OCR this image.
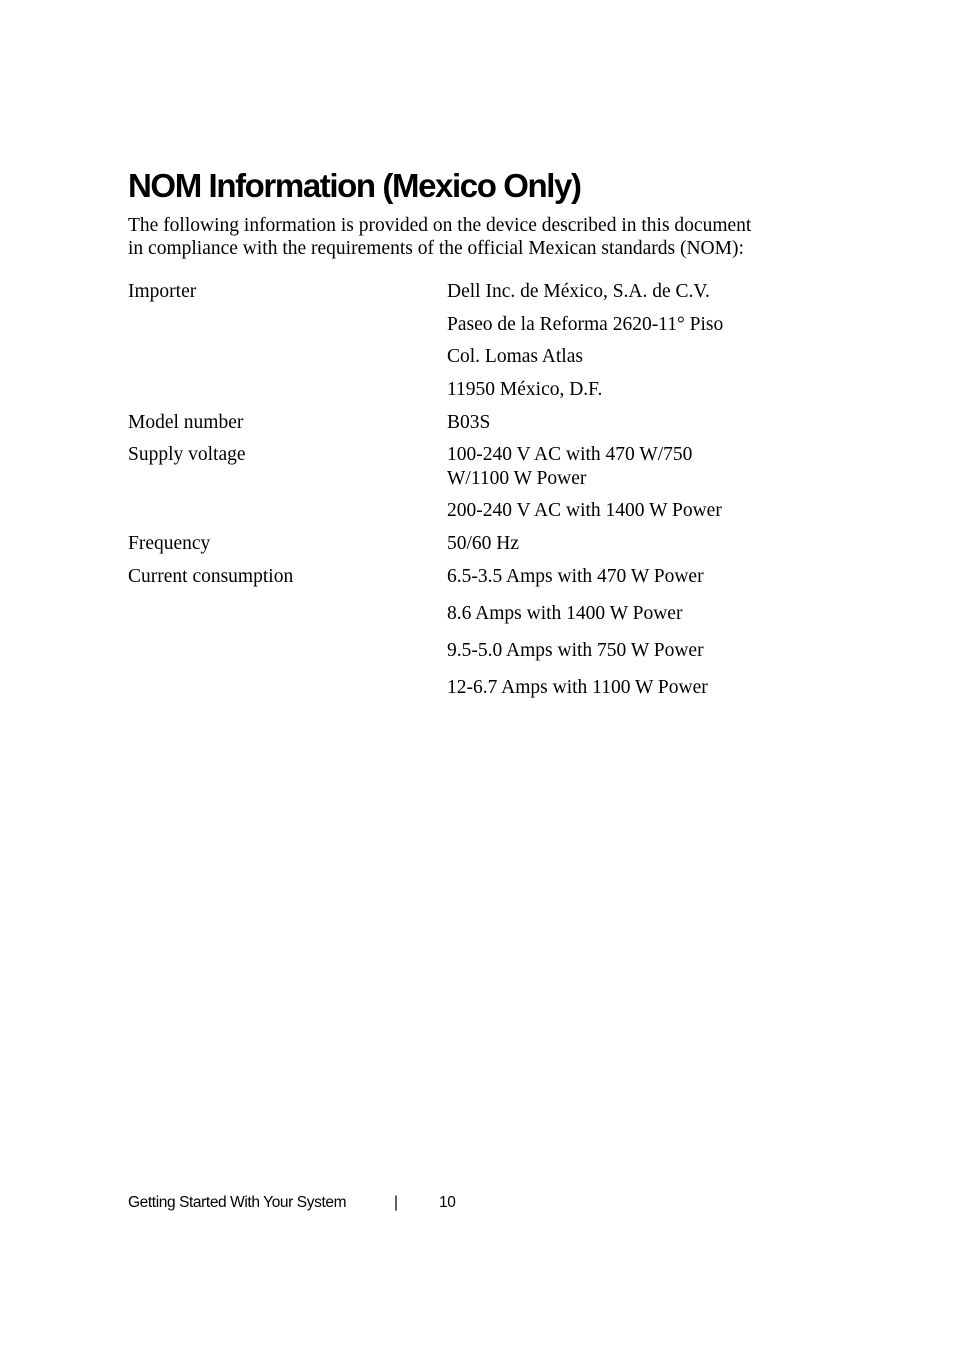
NOM Information (Mexico Only)

The following information is provided on the device described in this document
in compliance with the requirements of the official Mexican standards (NOM):

Importer	Dell Inc. de México, S.A. de C.V.
Paseo de la Reforma 2620-11° Piso
Col. Lomas Atlas
11950 México, D.F.
Model number	B03S
Supply voltage	100-240 V AC with 470 W/750
W/1100 W Power
200-240 V AC with 1400 W Power
Frequency	50/60 Hz
Current consumption	6.5-3.5 Amps with 470 W Power
8.6 Amps with 1400 W Power
9.5-5.0 Amps with 750 W Power
12-6.7 Amps with 1100 W Power
Getting Started With Your System	|	10
